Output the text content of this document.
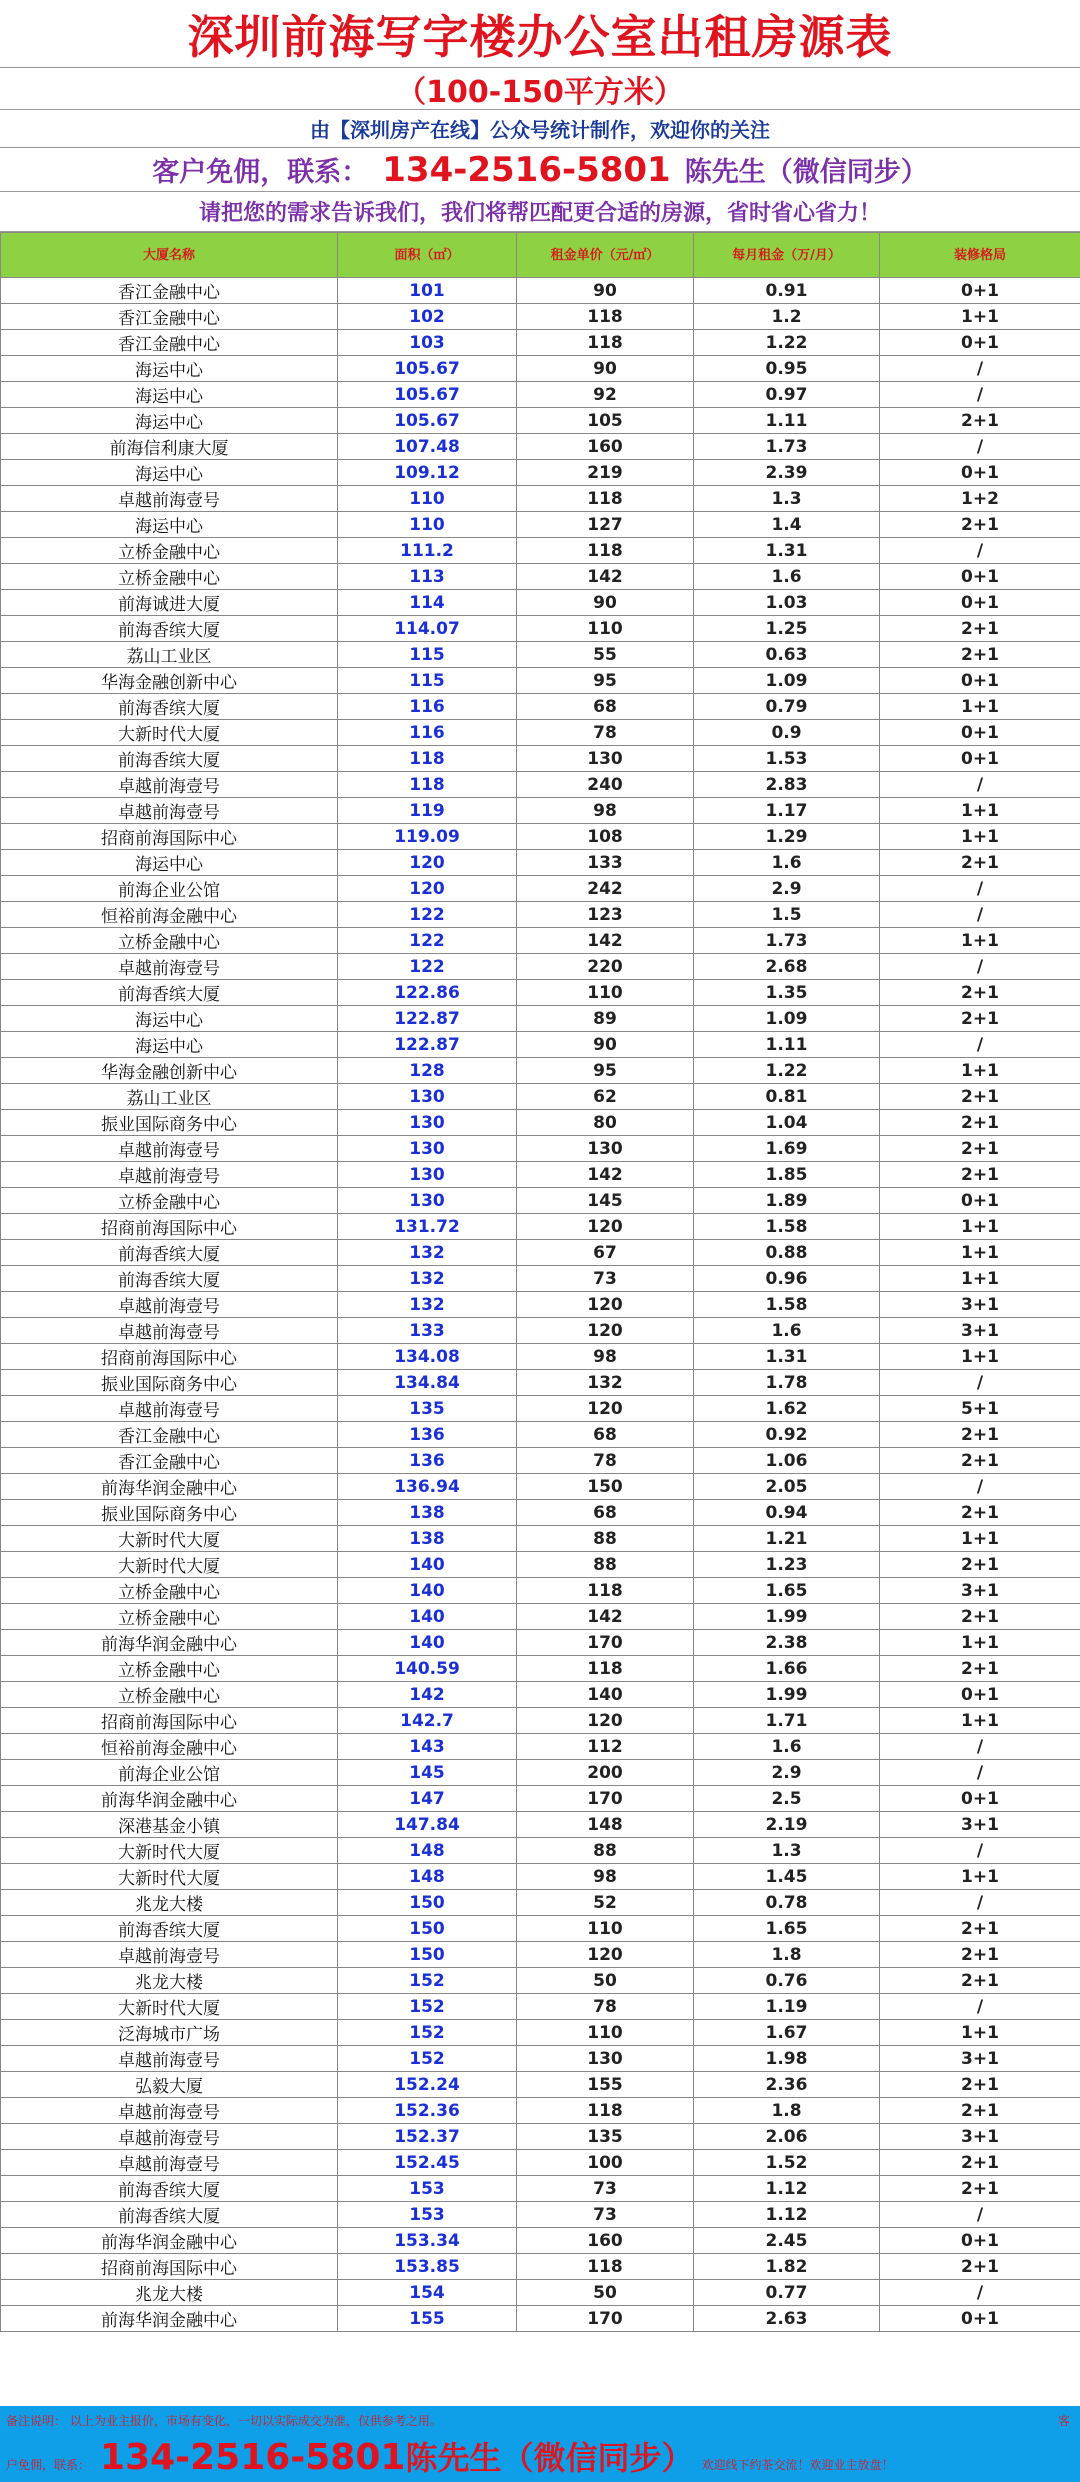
深圳前海写字楼办公室出租房源表
（100-150平方米）
由【深圳房产在线】公众号统计制作，欢迎你的关注
客户免佣，联系： 134-2516-5801 陈先生（微信同步）
请把您的需求告诉我们，我们将帮匹配更合适的房源，省时省心省力！
大厦名称	面积（㎡）	租金单价（元/㎡）	每月租金（万/月）	装修格局
香江金融中心	101	90	0.91	0+1
香江金融中心	102	118	1.2	1+1
香江金融中心	103	118	1.22	0+1
海运中心	105.67	90	0.95	/
海运中心	105.67	92	0.97	/
海运中心	105.67	105	1.11	2+1
前海信利康大厦	107.48	160	1.73	/
海运中心	109.12	219	2.39	0+1
卓越前海壹号	110	118	1.3	1+2
海运中心	110	127	1.4	2+1
立桥金融中心	111.2	118	1.31	/
立桥金融中心	113	142	1.6	0+1
前海诚进大厦	114	90	1.03	0+1
前海香缤大厦	114.07	110	1.25	2+1
荔山工业区	115	55	0.63	2+1
华海金融创新中心	115	95	1.09	0+1
前海香缤大厦	116	68	0.79	1+1
大新时代大厦	116	78	0.9	0+1
前海香缤大厦	118	130	1.53	0+1
卓越前海壹号	118	240	2.83	/
卓越前海壹号	119	98	1.17	1+1
招商前海国际中心	119.09	108	1.29	1+1
海运中心	120	133	1.6	2+1
前海企业公馆	120	242	2.9	/
恒裕前海金融中心	122	123	1.5	/
立桥金融中心	122	142	1.73	1+1
卓越前海壹号	122	220	2.68	/
前海香缤大厦	122.86	110	1.35	2+1
海运中心	122.87	89	1.09	2+1
海运中心	122.87	90	1.11	/
华海金融创新中心	128	95	1.22	1+1
荔山工业区	130	62	0.81	2+1
振业国际商务中心	130	80	1.04	2+1
卓越前海壹号	130	130	1.69	2+1
卓越前海壹号	130	142	1.85	2+1
立桥金融中心	130	145	1.89	0+1
招商前海国际中心	131.72	120	1.58	1+1
前海香缤大厦	132	67	0.88	1+1
前海香缤大厦	132	73	0.96	1+1
卓越前海壹号	132	120	1.58	3+1
卓越前海壹号	133	120	1.6	3+1
招商前海国际中心	134.08	98	1.31	1+1
振业国际商务中心	134.84	132	1.78	/
卓越前海壹号	135	120	1.62	5+1
香江金融中心	136	68	0.92	2+1
香江金融中心	136	78	1.06	2+1
前海华润金融中心	136.94	150	2.05	/
振业国际商务中心	138	68	0.94	2+1
大新时代大厦	138	88	1.21	1+1
大新时代大厦	140	88	1.23	2+1
立桥金融中心	140	118	1.65	3+1
立桥金融中心	140	142	1.99	2+1
前海华润金融中心	140	170	2.38	1+1
立桥金融中心	140.59	118	1.66	2+1
立桥金融中心	142	140	1.99	0+1
招商前海国际中心	142.7	120	1.71	1+1
恒裕前海金融中心	143	112	1.6	/
前海企业公馆	145	200	2.9	/
前海华润金融中心	147	170	2.5	0+1
深港基金小镇	147.84	148	2.19	3+1
大新时代大厦	148	88	1.3	/
大新时代大厦	148	98	1.45	1+1
兆龙大楼	150	52	0.78	/
前海香缤大厦	150	110	1.65	2+1
卓越前海壹号	150	120	1.8	2+1
兆龙大楼	152	50	0.76	2+1
大新时代大厦	152	78	1.19	/
泛海城市广场	152	110	1.67	1+1
卓越前海壹号	152	130	1.98	3+1
弘毅大厦	152.24	155	2.36	2+1
卓越前海壹号	152.36	118	1.8	2+1
卓越前海壹号	152.37	135	2.06	3+1
卓越前海壹号	152.45	100	1.52	2+1
前海香缤大厦	153	73	1.12	2+1
前海香缤大厦	153	73	1.12	/
前海华润金融中心	153.34	160	2.45	0+1
招商前海国际中心	153.85	118	1.82	2+1
兆龙大楼	154	50	0.77	/
前海华润金融中心	155	170	2.63	0+1
备注说明： 以上为业主报价，市场有变化，一切以实际成交为准，仅供参考之用。	客
户免佣，联系： 134-2516-5801 陈先生（微信同步） 欢迎线下约茶交流！欢迎业主放盘！
